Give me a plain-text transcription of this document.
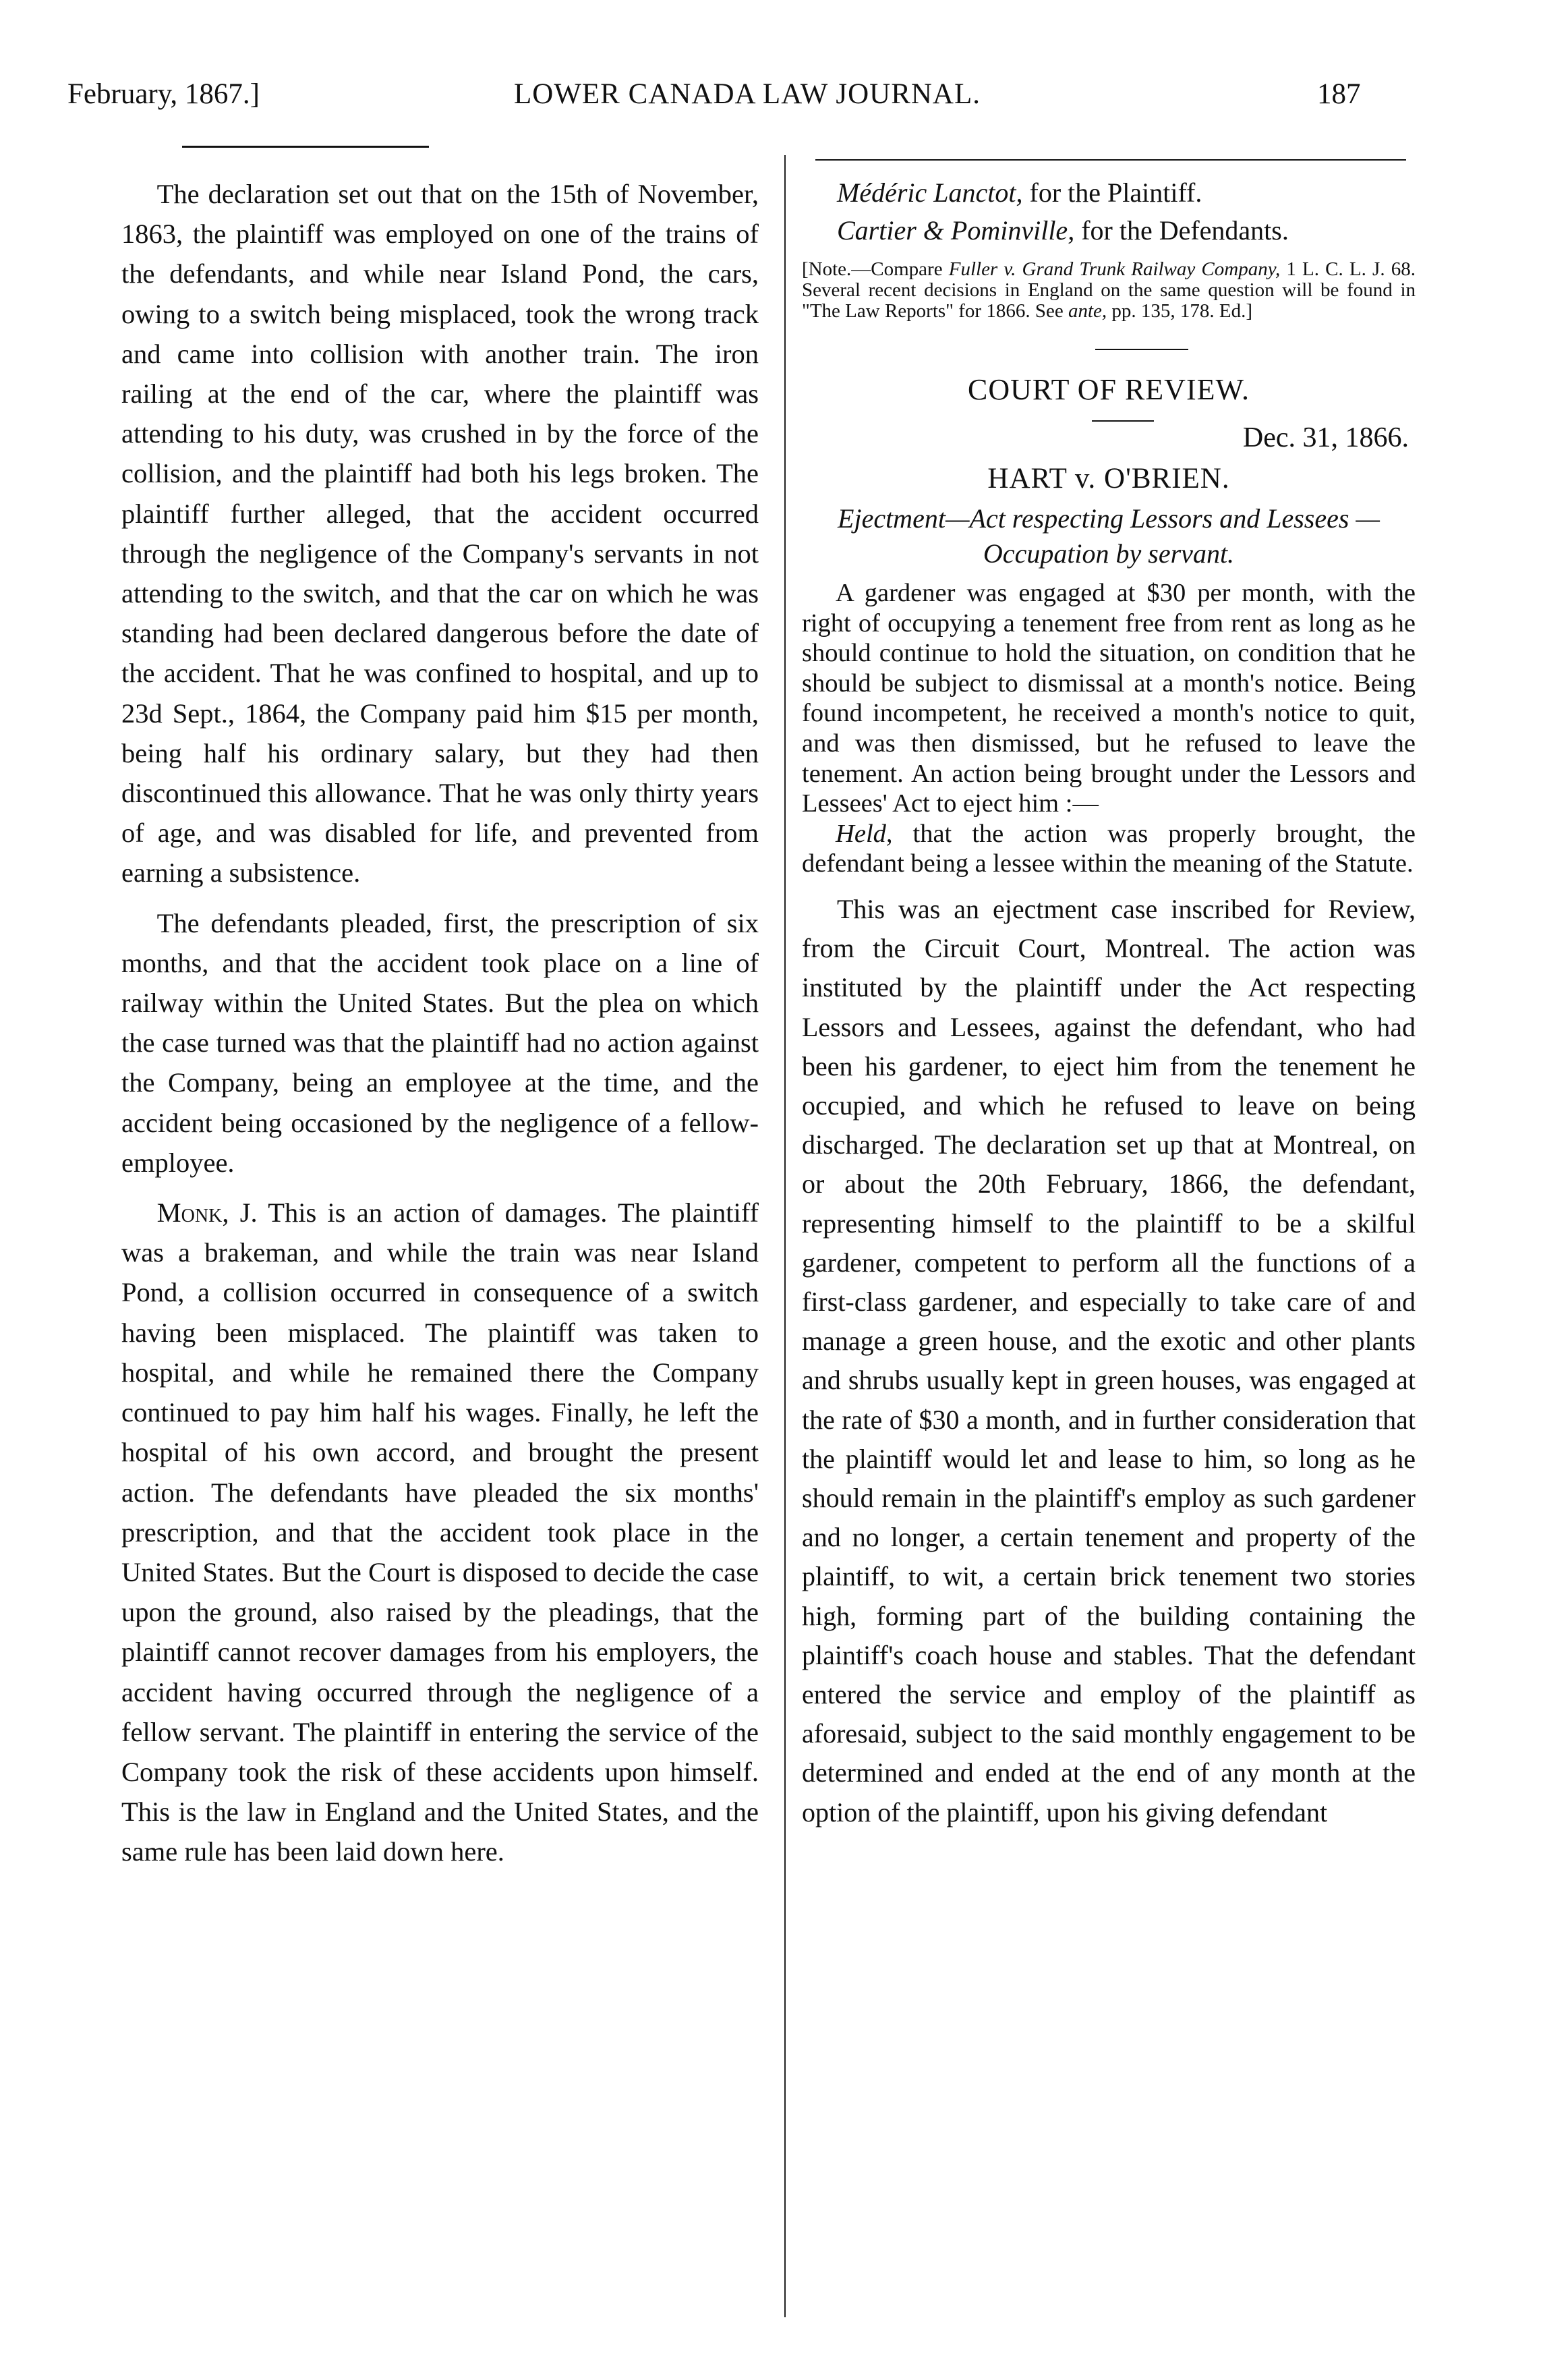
February, 1867.]	LOWER CANADA LAW JOURNAL.	187

The declaration set out that on the 15th of November, 1863, the plaintiff was employed on one of the trains of the defendants, and while near Island Pond, the cars, owing to a switch being misplaced, took the wrong track and came into collision with another train. The iron railing at the end of the car, where the plaintiff was attending to his duty, was crushed in by the force of the collision, and the plaintiff had both his legs broken. The plaintiff further alleged, that the accident occurred through the negligence of the Company's servants in not attending to the switch, and that the car on which he was standing had been declared dangerous before the date of the accident. That he was confined to hospital, and up to 23d Sept., 1864, the Company paid him $15 per month, being half his ordinary salary, but they had then discontinued this allowance. That he was only thirty years of age, and was disabled for life, and prevented from earning a subsistence.

The defendants pleaded, first, the prescription of six months, and that the accident took place on a line of railway within the United States. But the plea on which the case turned was that the plaintiff had no action against the Company, being an employee at the time, and the accident being occasioned by the negligence of a fellow-employee.

Monk, J. This is an action of damages. The plaintiff was a brakeman, and while the train was near Island Pond, a collision occurred in consequence of a switch having been misplaced. The plaintiff was taken to hospital, and while he remained there the Company continued to pay him half his wages. Finally, he left the hospital of his own accord, and brought the present action. The defendants have pleaded the six months' prescription, and that the accident took place in the United States. But the Court is disposed to decide the case upon the ground, also raised by the pleadings, that the plaintiff cannot recover damages from his employers, the accident having occurred through the negligence of a fellow servant. The plaintiff in entering the service of the Company took the risk of these accidents upon himself. This is the law in England and the United States, and the same rule has been laid down here.

Médéric Lanctot, for the Plaintiff.

Cartier & Pominville, for the Defendants.

[Note.—Compare Fuller v. Grand Trunk Railway Company, 1 L. C. L. J. 68. Several recent decisions in England on the same question will be found in "The Law Reports" for 1866. See ante, pp. 135, 178. Ed.]

COURT OF REVIEW.
Dec. 31, 1866.
HART v. O'BRIEN.
Ejectment—Act respecting Lessors and Lessees —Occupation by servant.

A gardener was engaged at $30 per month, with the right of occupying a tenement free from rent as long as he should continue to hold the situation, on condition that he should be subject to dismissal at a month's notice. Being found incompetent, he received a month's notice to quit, and was then dismissed, but he refused to leave the tenement. An action being brought under the Lessors and Lessees' Act to eject him :—

Held, that the action was properly brought, the defendant being a lessee within the meaning of the Statute.

This was an ejectment case inscribed for Review, from the Circuit Court, Montreal. The action was instituted by the plaintiff under the Act respecting Lessors and Lessees, against the defendant, who had been his gardener, to eject him from the tenement he occupied, and which he refused to leave on being discharged. The declaration set up that at Montreal, on or about the 20th February, 1866, the defendant, representing himself to the plaintiff to be a skilful gardener, competent to perform all the functions of a first-class gardener, and especially to take care of and manage a green house, and the exotic and other plants and shrubs usually kept in green houses, was engaged at the rate of $30 a month, and in further consideration that the plaintiff would let and lease to him, so long as he should remain in the plaintiff's employ as such gardener and no longer, a certain tenement and property of the plaintiff, to wit, a certain brick tenement two stories high, forming part of the building containing the plaintiff's coach house and stables. That the defendant entered the service and employ of the plaintiff as aforesaid, subject to the said monthly engagement to be determined and ended at the end of any month at the option of the plaintiff, upon his giving defendant
